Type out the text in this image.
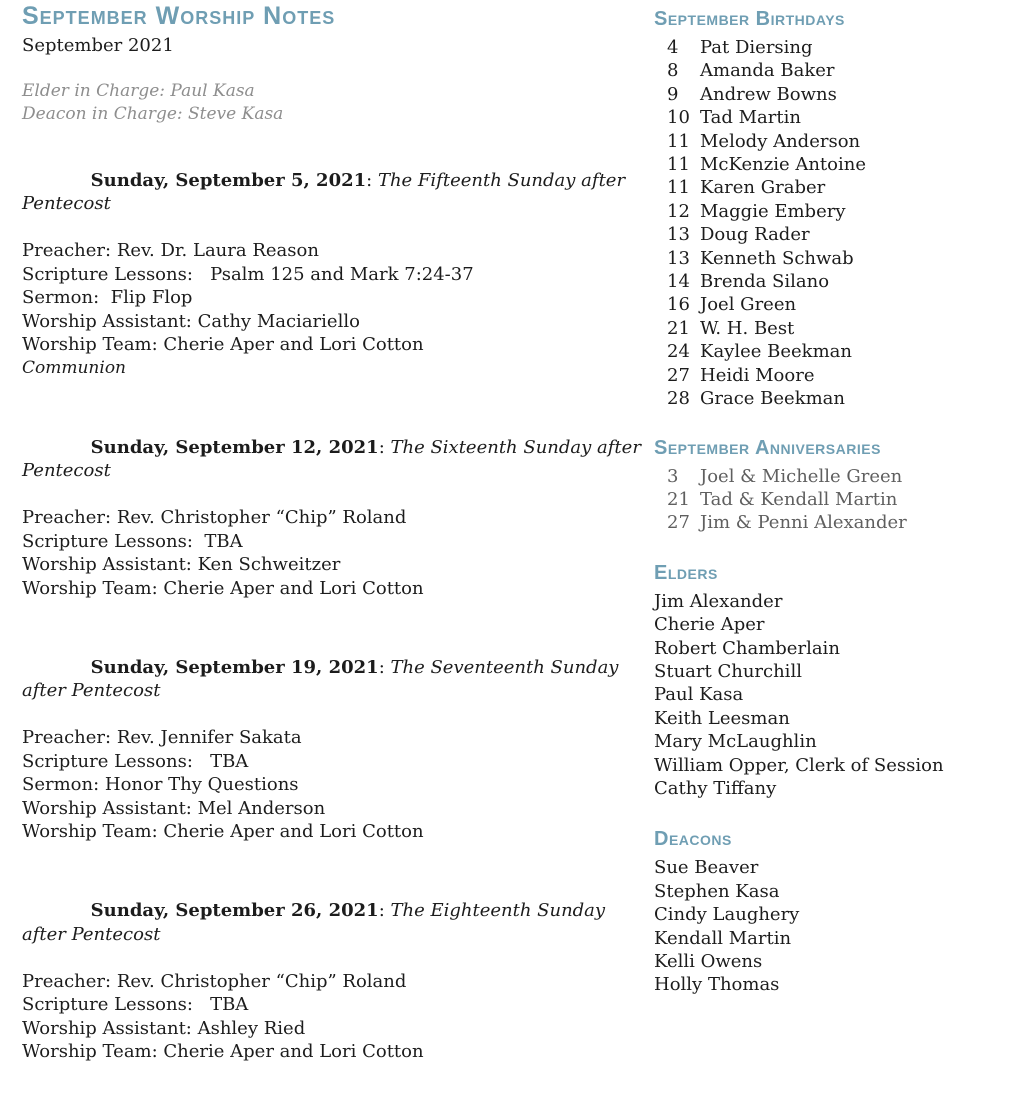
September Worship Notes
September 2021
Elder in Charge: Paul Kasa
Deacon in Charge: Steve Kasa

Sunday, September 5, 2021: The Fifteenth Sunday after Pentecost

Preacher: Rev. Dr. Laura Reason
Scripture Lessons:   Psalm 125 and Mark 7:24-37
Sermon:  Flip Flop
Worship Assistant: Cathy Maciariello
Worship Team: Cherie Aper and Lori Cotton
Communion

Sunday, September 12, 2021: The Sixteenth Sunday after Pentecost

Preacher: Rev. Christopher “Chip” Roland
Scripture Lessons:  TBA
Worship Assistant: Ken Schweitzer
Worship Team: Cherie Aper and Lori Cotton

Sunday, September 19, 2021: The Seventeenth Sunday  after Pentecost

Preacher: Rev. Jennifer Sakata
Scripture Lessons:   TBA
Sermon: Honor Thy Questions
Worship Assistant: Mel Anderson
Worship Team: Cherie Aper and Lori Cotton

Sunday, September 26, 2021: The Eighteenth Sunday after Pentecost

Preacher: Rev. Christopher “Chip” Roland
Scripture Lessons:   TBA
Worship Assistant: Ashley Ried
Worship Team: Cherie Aper and Lori Cotton
September Birthdays
4	Pat Diersing
8	Amanda Baker
9	Andrew Bowns
10 Tad Martin
11 Melody Anderson
11 McKenzie Antoine
11 Karen Graber
12 Maggie Embery
13 Doug Rader
13 Kenneth Schwab
14 Brenda Silano
16 Joel Green
21 W. H. Best
24 Kaylee Beekman
27 Heidi Moore
28 Grace Beekman
September Anniversaries
3	Joel & Michelle Green
21 Tad & Kendall Martin
27 Jim & Penni Alexander
Elders
Jim Alexander
Cherie Aper
Robert Chamberlain
Stuart Churchill
Paul Kasa
Keith Leesman
Mary McLaughlin
William Opper, Clerk of Session
Cathy Tiffany
Deacons
Sue Beaver
Stephen Kasa
Cindy Laughery
Kendall Martin
Kelli Owens
Holly Thomas
